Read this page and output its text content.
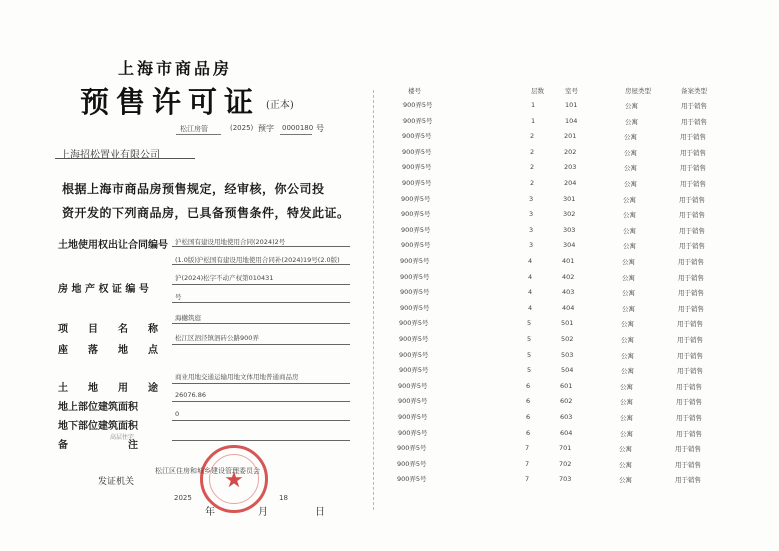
上海市商品房
预售许可证 (正本)
松江房管	(2025) 预字 0000180 号
上海招松置业有限公司
根据上海市商品房预售规定，经审核，你公司投
资开发的下列商品房，已具备预售条件，特发此证。
土地使用权出让合同编号 沪松国有建设用地使用合同(2024)2号
(1.0版)沪松国有建设用地使用合同补(2024)19号(2.0版)
房 地 产 权 证 编 号
沪(2024)松字不动产权第010431
号
项　　目　　名　　称
海樾筑庭
座　　落　　地　　点
松江区泗泾镇泗砖公路900弄
土　　地　　用　　途
商业用地交通运输用地文体用地普通商品房
地上部位建筑面积
26076.86
地下部位建筑面积
0
备　　　　　　注
高层住宅
松江区住房和城乡建设管理委员会
发证机关
2025
年
18
月	日
★
楼号	层数	室号	房屋类型	备案类型
900弄5号	1	101	公寓	用于销售
900弄5号	1	104	公寓	用于销售
900弄5号	2	201	公寓	用于销售
900弄5号	2	202	公寓	用于销售
900弄5号	2	203	公寓	用于销售
900弄5号	2	204	公寓	用于销售
900弄5号	3	301	公寓	用于销售
900弄5号	3	302	公寓	用于销售
900弄5号	3	303	公寓	用于销售
900弄5号	3	304	公寓	用于销售
900弄5号	4	401	公寓	用于销售
900弄5号	4	402	公寓	用于销售
900弄5号	4	403	公寓	用于销售
900弄5号	4	404	公寓	用于销售
900弄5号	5	501	公寓	用于销售
900弄5号	5	502	公寓	用于销售
900弄5号	5	503	公寓	用于销售
900弄5号	5	504	公寓	用于销售
900弄5号	6	601	公寓	用于销售
900弄5号	6	602	公寓	用于销售
900弄5号	6	603	公寓	用于销售
900弄5号	6	604	公寓	用于销售
900弄5号	7	701	公寓	用于销售
900弄5号	7	702	公寓	用于销售
900弄5号	7	703	公寓	用于销售
